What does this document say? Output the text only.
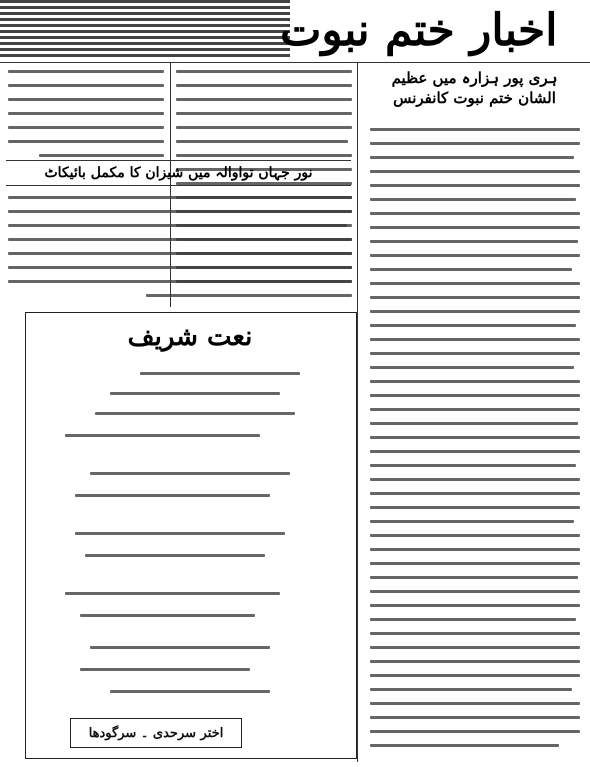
اخبار ختم نبوت
ہری پور ہزارہ میں عظیم الشان ختم نبوت کانفرنس
نور جہاں تواوالہ میں شیزان کا مکمل بائیکاٹ
نعت شریف
اختر سرحدی ۔ سرگودھا
